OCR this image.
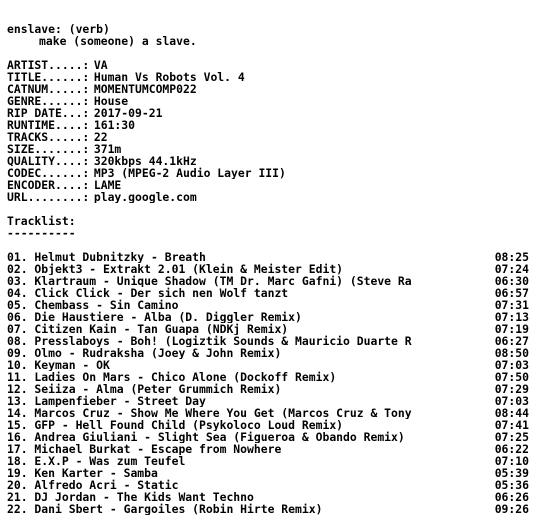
enslave: (verb)
make (someone) a slave.
ARTIST.....: VA
TITLE......: Human Vs Robots Vol. 4
CATNUM.....: MOMENTUMCOMP022
GENRE......: House
RIP DATE...: 2017-09-21
RUNTIME....: 161:30
TRACKS.....: 22
SIZE.......: 371m
QUALITY....: 320kbps 44.1kHz
CODEC......: MP3 (MPEG-2 Audio Layer III)
ENCODER....: LAME
URL........: play.google.com
Tracklist:
----------
01. Helmut Dubnitzky - Breath	08:25
02. Objekt3 - Extrakt 2.01 (Klein & Meister Edit)	07:24
03. Klartraum - Unique Shadow (TM Dr. Marc Gafni) (Steve Ra	06:30
04. Click Click - Der sich nen Wolf tanzt	06:57
05. Chembass - Sin Camino	07:31
06. Die Haustiere - Alba (D. Diggler Remix)	07:13
07. Citizen Kain - Tan Guapa (NDKj Remix)	07:19
08. Presslaboys - Boh! (Logiztik Sounds & Mauricio Duarte R	06:27
09. Olmo - Rudraksha (Joey & John Remix)	08:50
10. Keyman - OK	07:03
11. Ladies On Mars - Chico Alone (Dockoff Remix)	07:50
12. Seiiza - Alma (Peter Grummich Remix)	07:29
13. Lampenfieber - Street Day	07:03
14. Marcos Cruz - Show Me Where You Get (Marcos Cruz & Tony	08:44
15. GFP - Hell Found Child (Psykoloco Loud Remix)	07:41
16. Andrea Giuliani - Slight Sea (Figueroa & Obando Remix)	07:25
17. Michael Burkat - Escape from Nowhere	06:22
18. E.X.P - Was zum Teufel	07:10
19. Ken Karter - Samba	05:39
20. Alfredo Acri - Static	05:36
21. DJ Jordan - The Kids Want Techno	06:26
22. Dani Sbert - Gargoiles (Robin Hirte Remix)	09:26
